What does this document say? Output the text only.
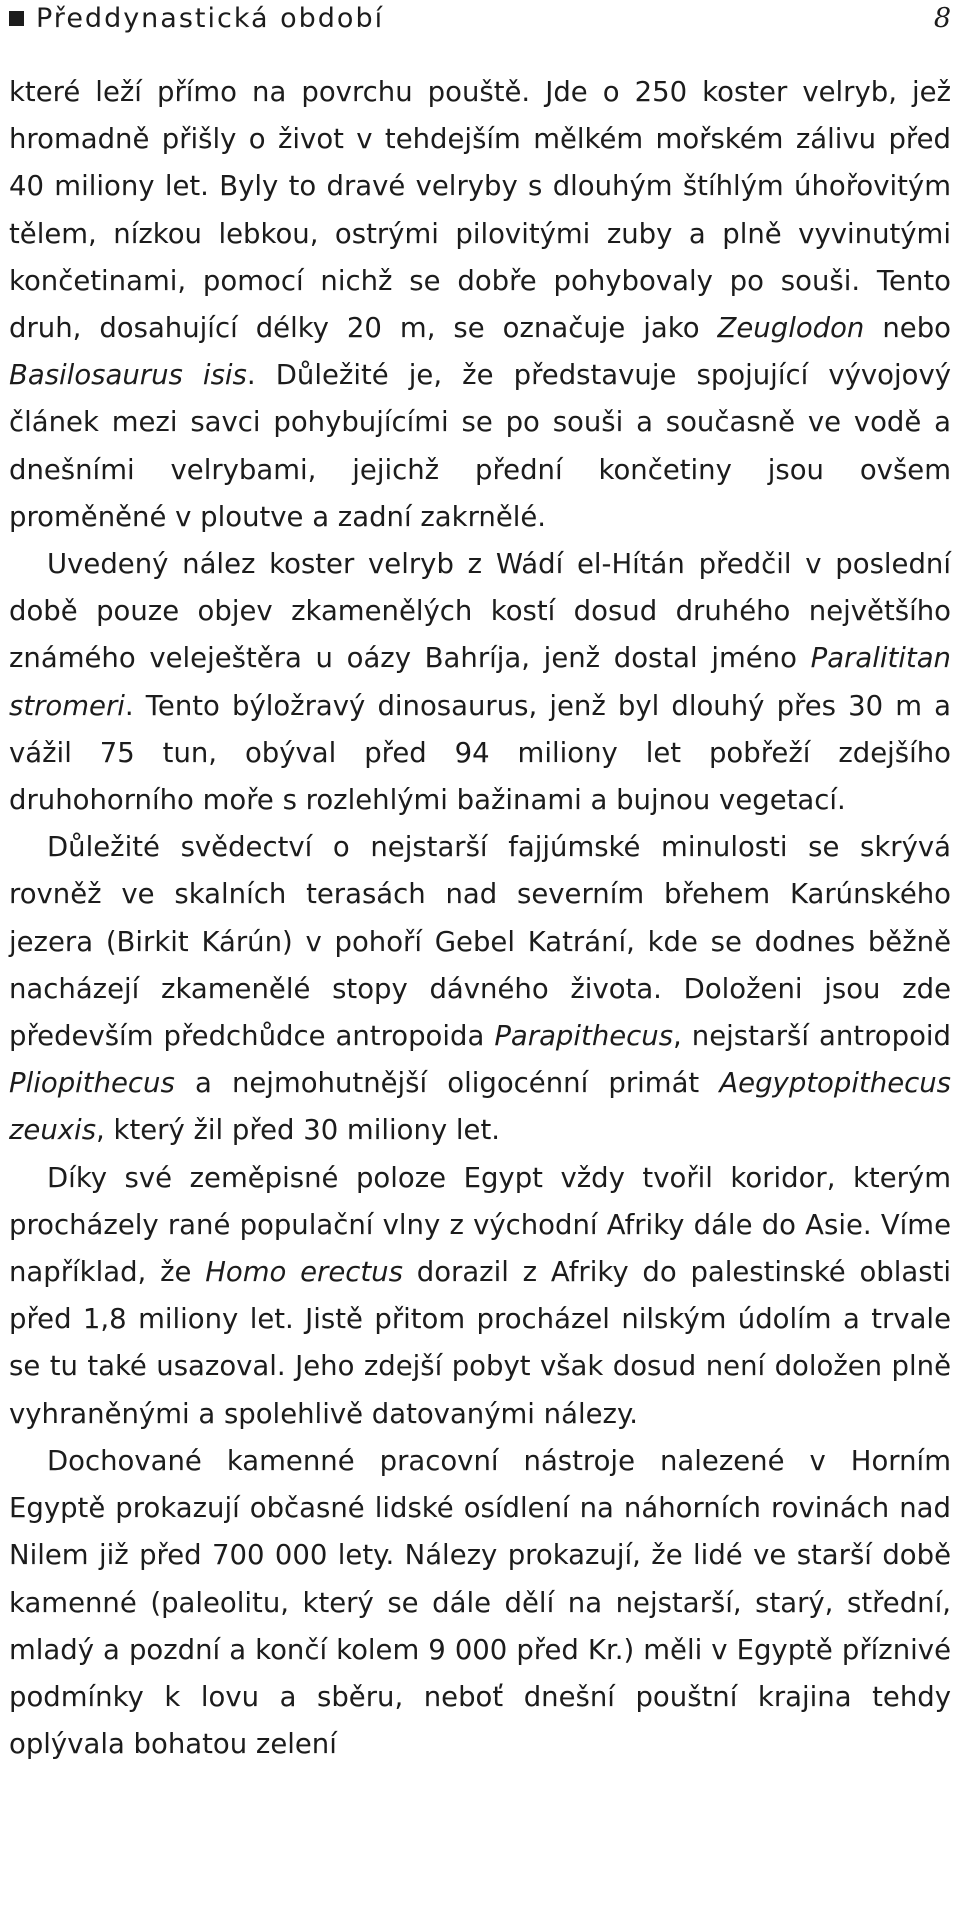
Předdynastická období	8

které leží přímo na povrchu pouště. Jde o 250 koster velryb, jež hromadně přišly o život v tehdejším mělkém mořském zálivu před 40 miliony let. Byly to dravé velryby s dlouhým štíhlým úhořovitým tělem, nízkou lebkou, ostrými pilovitými zuby a plně vyvinutými končetinami, pomocí nichž se dobře pohybovaly po souši. Tento druh, dosahující délky 20 m, se označuje jako Zeuglodon nebo Basilosaurus isis. Důležité je, že představuje spojující vývojový článek mezi savci pohybujícími se po souši a současně ve vodě a dnešními velrybami, jejichž přední končetiny jsou ovšem proměněné v ploutve a zadní zakrnělé.

Uvedený nález koster velryb z Wádí el-Hítán předčil v poslední době pouze objev zkamenělých kostí dosud druhého největšího známého veleještěra u oázy Bahríja, jenž dostal jméno Paralititan stromeri. Tento býložravý dinosaurus, jenž byl dlouhý přes 30 m a vážil 75 tun, obýval před 94 miliony let pobřeží zdejšího druhohorního moře s rozlehlými bažinami a bujnou vegetací.

Důležité svědectví o nejstarší fajjúmské minulosti se skrývá rovněž ve skalních terasách nad severním břehem Karúnského jezera (Birkit Kárún) v pohoří Gebel Katrání, kde se dodnes běžně nacházejí zkamenělé stopy dávného života. Doloženi jsou zde především předchůdce antropoida Parapithecus, nejstarší antropoid Pliopithecus a nejmohutnější oligocénní primát Aegyptopithecus zeuxis, který žil před 30 miliony let.

Díky své zeměpisné poloze Egypt vždy tvořil koridor, kterým procházely rané populační vlny z východní Afriky dále do Asie. Víme například, že Homo erectus dorazil z Afriky do palestinské oblasti před 1,8 miliony let. Jistě přitom procházel nilským údolím a trvale se tu také usazoval. Jeho zdejší pobyt však dosud není doložen plně vyhraněnými a spolehlivě datovanými nálezy.

Dochované kamenné pracovní nástroje nalezené v Horním Egyptě prokazují občasné lidské osídlení na náhorních rovinách nad Nilem již před 700 000 lety. Nálezy prokazují, že lidé ve starší době kamenné (paleolitu, který se dále dělí na nejstarší, starý, střední, mladý a pozdní a končí kolem 9 000 před Kr.) měli v Egyptě příznivé podmínky k lovu a sběru, neboť dnešní pouštní krajina tehdy oplývala bohatou zelení
